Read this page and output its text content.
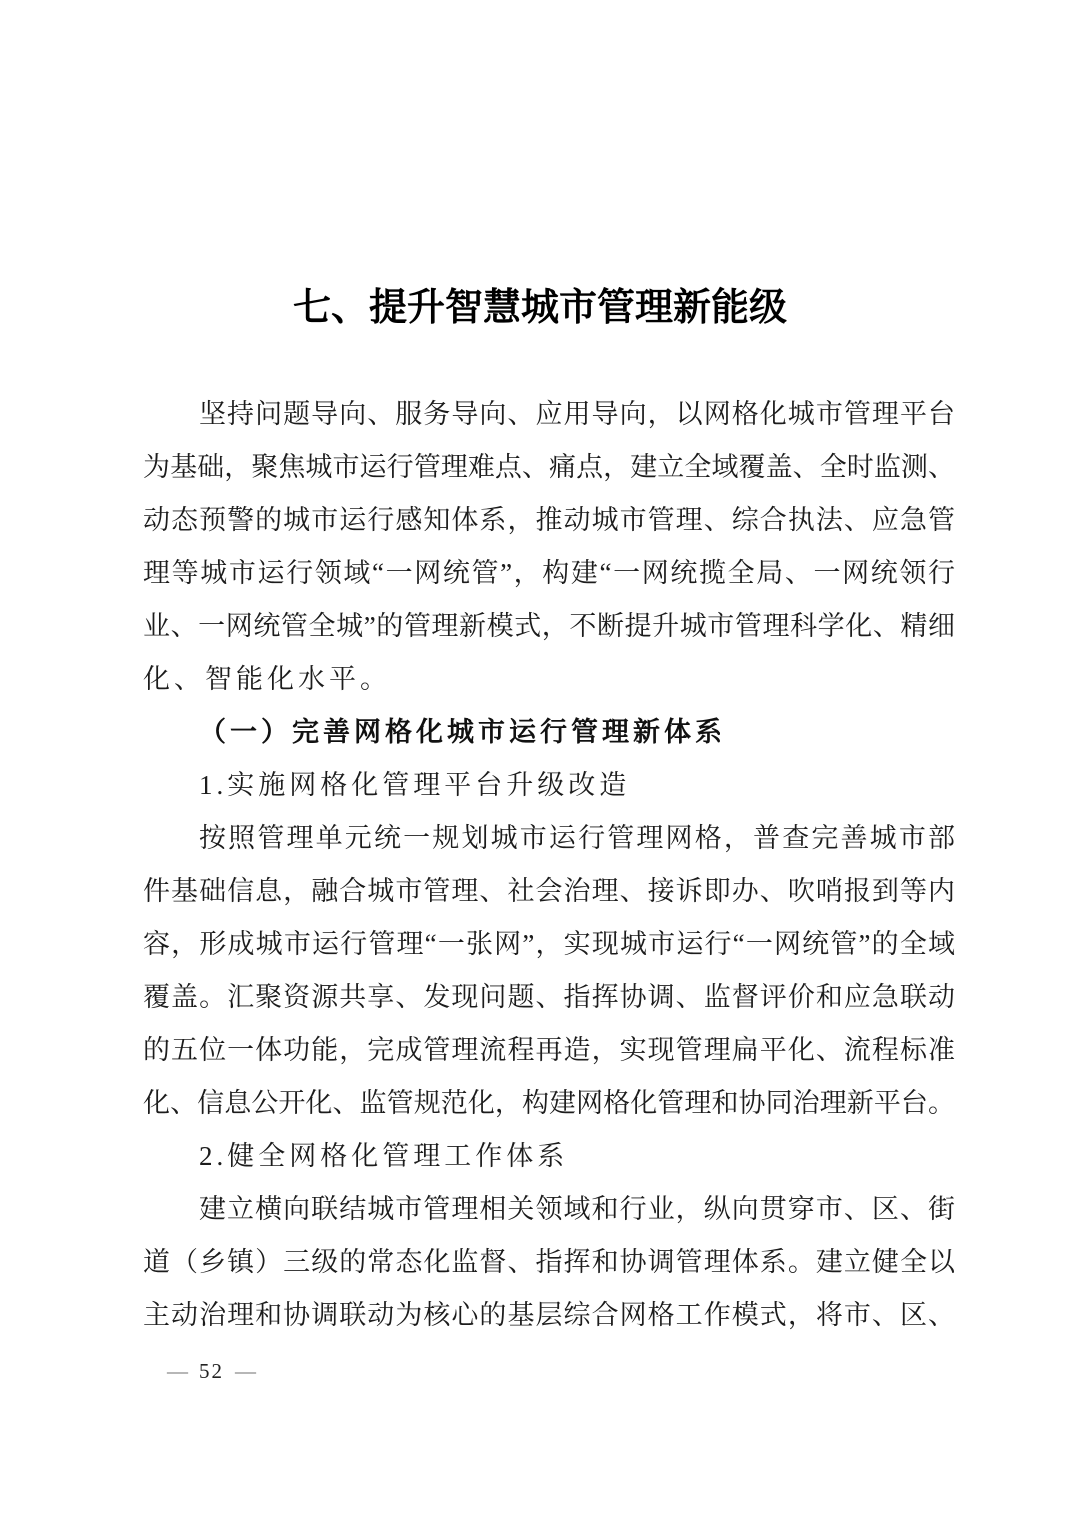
七、提升智慧城市管理新能级
坚持问题导向、服务导向、应用导向，以网格化城市管理平台
为基础，聚焦城市运行管理难点、痛点，建立全域覆盖、全时监测、
动态预警的城市运行感知体系，推动城市管理、综合执法、应急管
理等城市运行领域“一网统管”，构建“一网统揽全局、一网统领行
业、一网统管全城”的管理新模式，不断提升城市管理科学化、精细
化、智能化水平。
（一）完善网格化城市运行管理新体系
1.实施网格化管理平台升级改造
按照管理单元统一规划城市运行管理网格，普查完善城市部
件基础信息，融合城市管理、社会治理、接诉即办、吹哨报到等内
容，形成城市运行管理“一张网”，实现城市运行“一网统管”的全域
覆盖。汇聚资源共享、发现问题、指挥协调、监督评价和应急联动
的五位一体功能，完成管理流程再造，实现管理扁平化、流程标准
化、信息公开化、监管规范化，构建网格化管理和协同治理新平台。
2.健全网格化管理工作体系
建立横向联结城市管理相关领域和行业，纵向贯穿市、区、街
道（乡镇）三级的常态化监督、指挥和协调管理体系。建立健全以
主动治理和协调联动为核心的基层综合网格工作模式，将市、区、
— 52 —
